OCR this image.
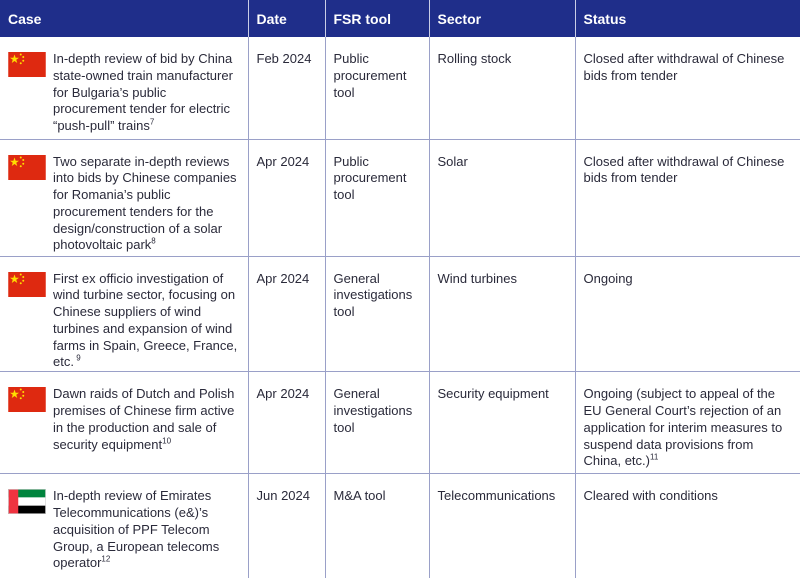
Case	Date	FSR tool	Sector	Status

In-depth review of bid by China state-owned train manufacturer for Bulgaria’s public procurement tender for electric “push-pull” trains$^7$	Feb 2024	Public procurement tool	Rolling stock	Closed after withdrawal of Chinese bids from tender

Two separate in-depth reviews into bids by Chinese companies for Romania’s public procurement tenders for the design/construction of a solar photovoltaic park$^8$	Apr 2024	Public procurement tool	Solar	Closed after withdrawal of Chinese bids from tender

First ex officio investigation of wind turbine sector, focusing on Chinese suppliers of wind turbines and expansion of wind farms in Spain, Greece, France, etc. $^9$	Apr 2024	General investigations tool	Wind turbines	Ongoing

Dawn raids of Dutch and Polish premises of Chinese firm active in the production and sale of security equipment$^{10}$	Apr 2024	General investigations tool	Security equipment	Ongoing (subject to appeal of the EU General Court’s rejection of an application for interim measures to suspend data provisions from China, etc.)$^{11}$

In-depth review of Emirates Telecommunications (e&)’s acquisition of PPF Telecom Group, a European telecoms operator$^{12}$	Jun 2024	M&A tool	Telecommunications	Cleared with conditions
